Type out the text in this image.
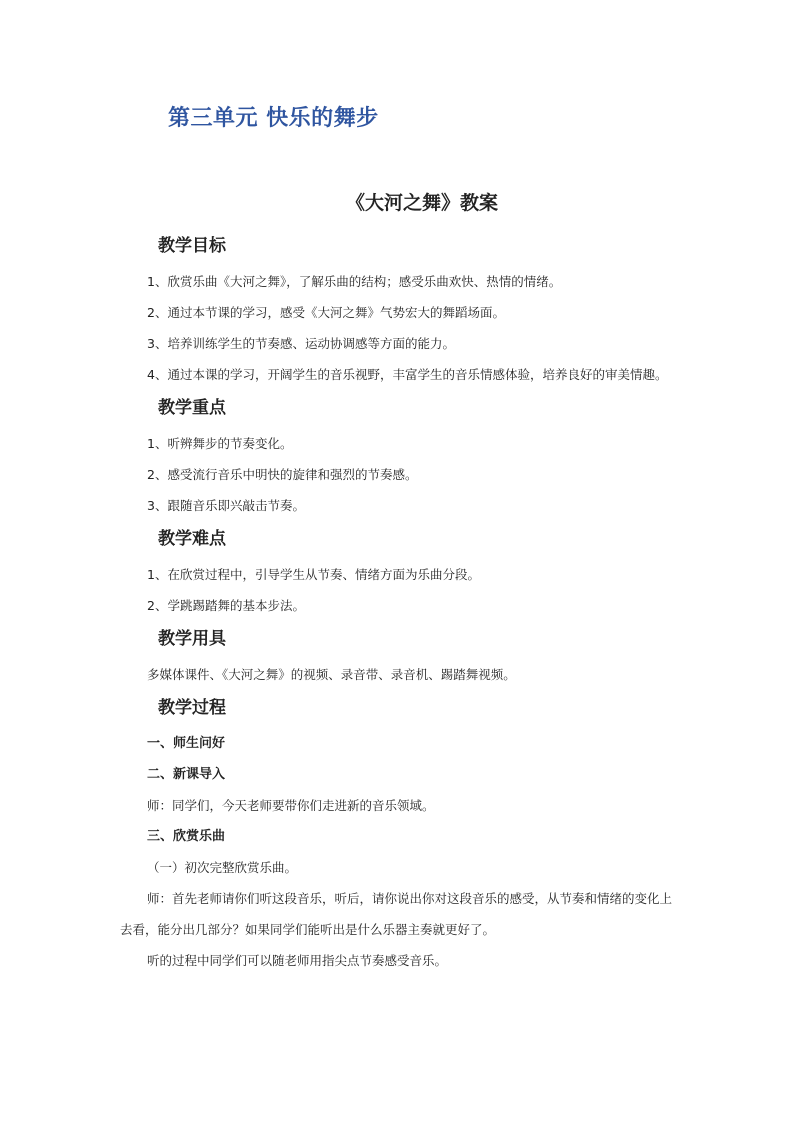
第三单元 快乐的舞步
《大河之舞》教案
教学目标
1、欣赏乐曲《大河之舞》，了解乐曲的结构；感受乐曲欢快、热情的情绪。
2、通过本节课的学习，感受《大河之舞》气势宏大的舞蹈场面。
3、培养训练学生的节奏感、运动协调感等方面的能力。
4、通过本课的学习，开阔学生的音乐视野，丰富学生的音乐情感体验，培养良好的审美情趣。
教学重点
1、听辨舞步的节奏变化。
2、感受流行音乐中明快的旋律和强烈的节奏感。
3、跟随音乐即兴敲击节奏。
教学难点
1、在欣赏过程中，引导学生从节奏、情绪方面为乐曲分段。
2、学跳踢踏舞的基本步法。
教学用具
多媒体课件、《大河之舞》的视频、录音带、录音机、踢踏舞视频。
教学过程
一、师生问好
二、新课导入
师：同学们，今天老师要带你们走进新的音乐领域。
三、欣赏乐曲
（一）初次完整欣赏乐曲。
师：首先老师请你们听这段音乐，听后，请你说出你对这段音乐的感受，从节奏和情绪的变化上去看，能分出几部分？如果同学们能听出是什么乐器主奏就更好了。
听的过程中同学们可以随老师用指尖点节奏感受音乐。
